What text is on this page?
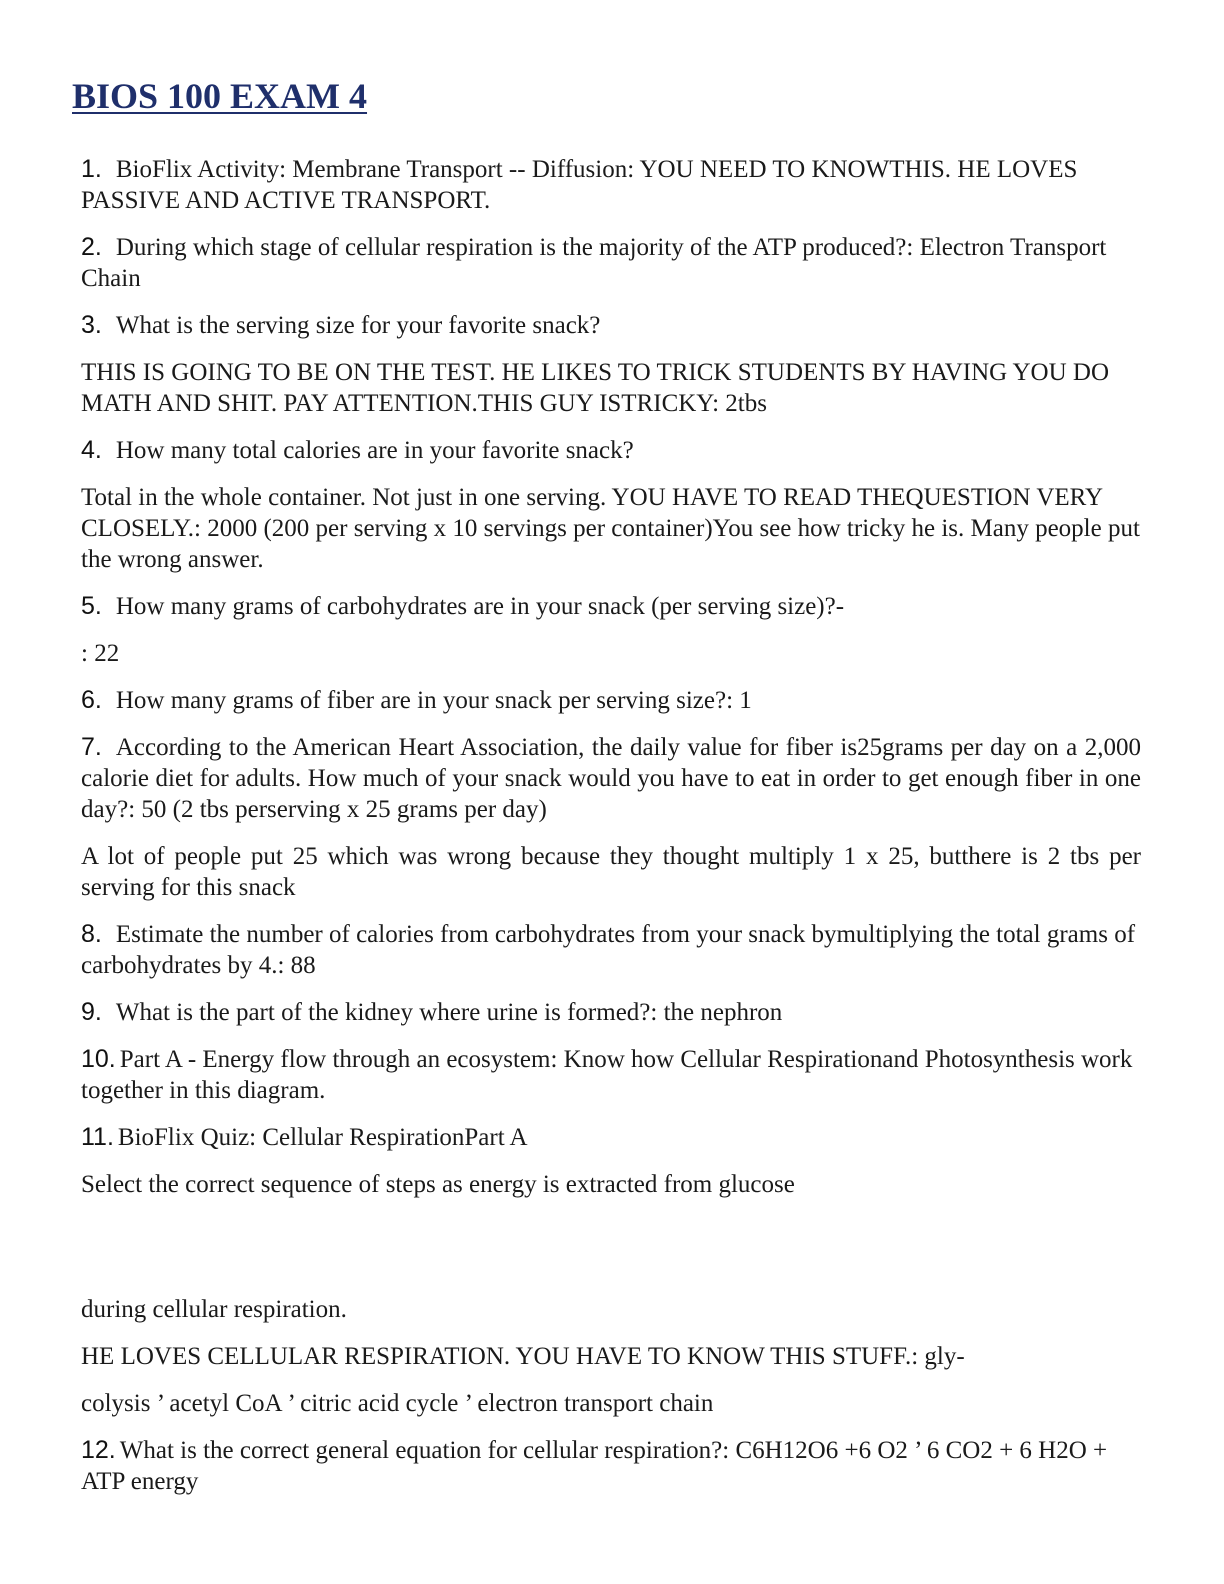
BIOS 100 EXAM 4

1. BioFlix Activity: Membrane Transport -- Diffusion: YOU NEED TO KNOWTHIS. HE LOVES PASSIVE AND ACTIVE TRANSPORT.

2. During which stage of cellular respiration is the majority of the ATP produced?: Electron Transport Chain

3. What is the serving size for your favorite snack?

THIS IS GOING TO BE ON THE TEST. HE LIKES TO TRICK STUDENTS BY HAVING YOU DO MATH AND SHIT. PAY ATTENTION.THIS GUY ISTRICKY: 2tbs

4. How many total calories are in your favorite snack?

Total in the whole container. Not just in one serving. YOU HAVE TO READ THEQUESTION VERY CLOSELY.: 2000 (200 per serving x 10 servings per container)You see how tricky he is. Many people put the wrong answer.

5. How many grams of carbohydrates are in your snack (per serving size)?-

: 22

6. How many grams of fiber are in your snack per serving size?: 1

7. According to the American Heart Association, the daily value for fiber is25grams per day on a 2,000 calorie diet for adults. How much of your snack would you have to eat in order to get enough fiber in one day?: 50 (2 tbs perserving x 25 grams per day)

A lot of people put 25 which was wrong because they thought multiply 1 x 25, butthere is 2 tbs per serving for this snack

8. Estimate the number of calories from carbohydrates from your snack bymultiplying the total grams of carbohydrates by 4.: 88

9. What is the part of the kidney where urine is formed?: the nephron

10. Part A - Energy flow through an ecosystem: Know how Cellular Respirationand Photosynthesis work together in this diagram.

11. BioFlix Quiz: Cellular RespirationPart A

Select the correct sequence of steps as energy is extracted from glucose

during cellular respiration.

HE LOVES CELLULAR RESPIRATION. YOU HAVE TO KNOW THIS STUFF.: gly-

colysis ’ acetyl CoA ’ citric acid cycle ’ electron transport chain

12. What is the correct general equation for cellular respiration?: C6H12O6 +6 O2 ’ 6 CO2 + 6 H2O + ATP energy
